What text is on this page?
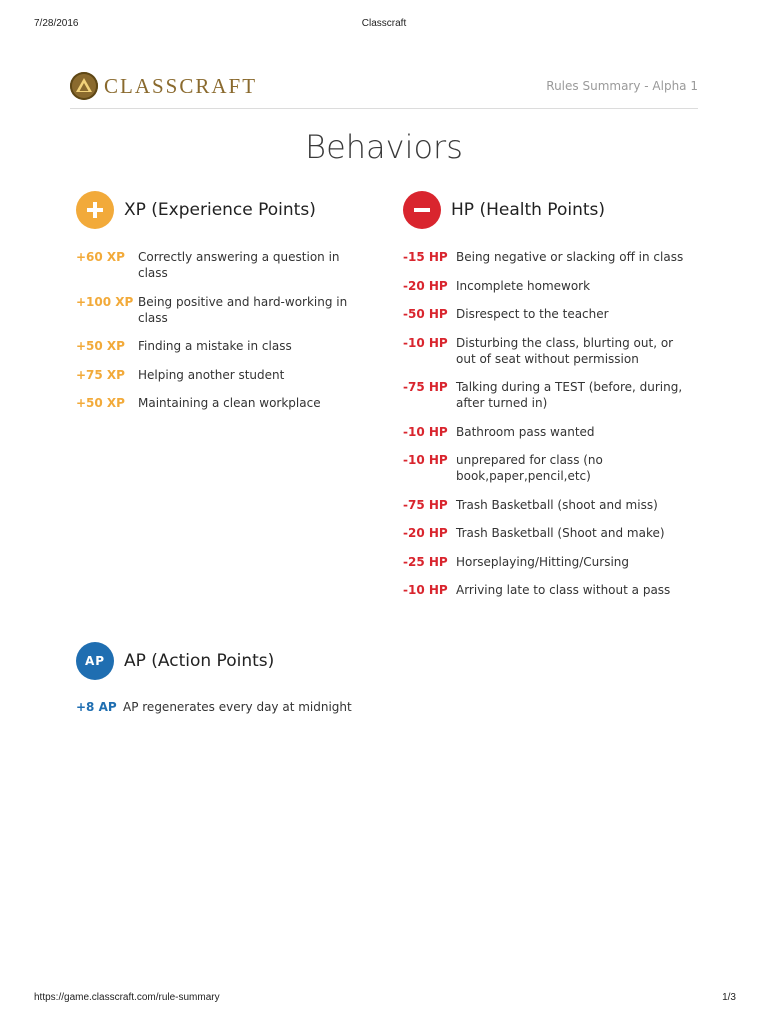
7/28/2016	Classcraft
CLASSCRAFT	Rules Summary - Alpha 1
Behaviors
XP (Experience Points)
+60 XP	Correctly answering a question in class
+100 XP Being positive and hard-working in class
+50 XP	Finding a mistake in class
+75 XP	Helping another student
+50 XP	Maintaining a clean workplace
HP (Health Points)
-15 HP Being negative or slacking off in class
-20 HP Incomplete homework
-50 HP Disrespect to the teacher
-10 HP Disturbing the class, blurting out, or out of seat without permission
-75 HP Talking during a TEST (before, during, after turned in)
-10 HP Bathroom pass wanted
-10 HP unprepared for class (no book,paper,pencil,etc)
-75 HP Trash Basketball (shoot and miss)
-20 HP Trash Basketball (Shoot and make)
-25 HP Horseplaying/Hitting/Cursing
-10 HP Arriving late to class without a pass
AP	AP (Action Points)
+8 AP AP regenerates every day at midnight
https://game.classcraft.com/rule-summary	1/3
